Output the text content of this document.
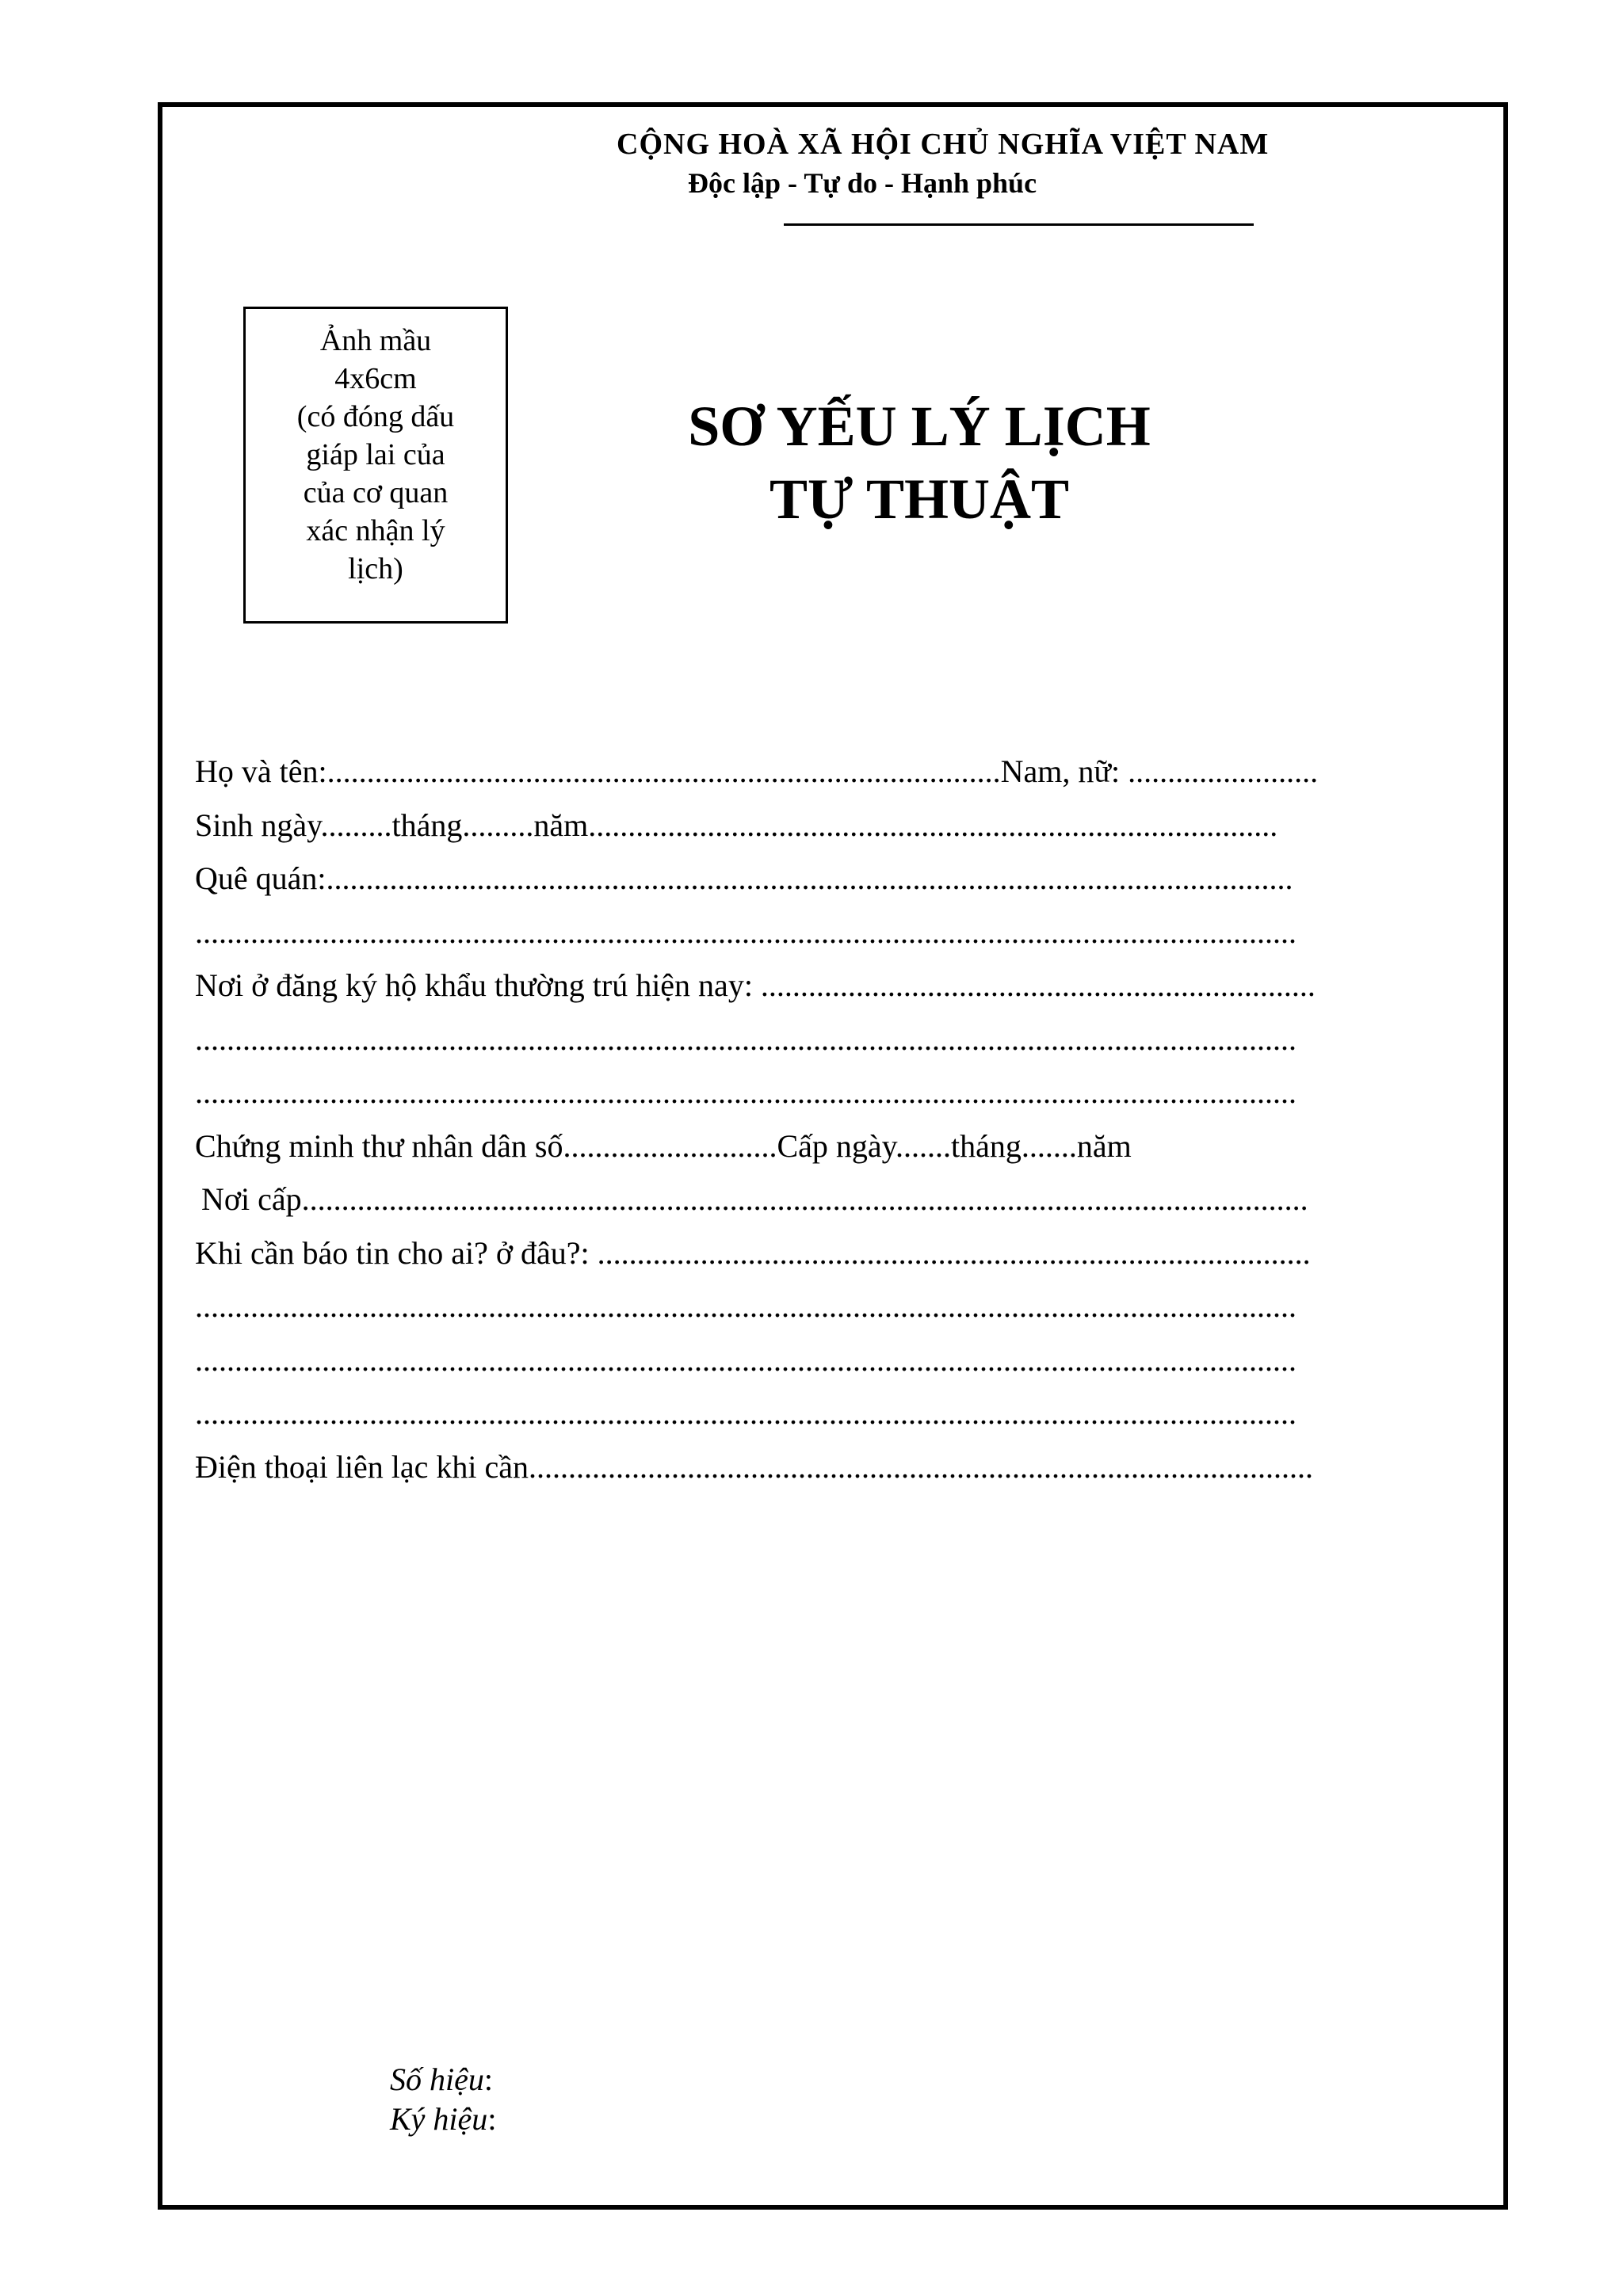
CỘNG HOÀ XÃ HỘI CHỦ NGHĨA VIỆT NAM
Độc lập - Tự do - Hạnh phúc
Ảnh mầu
4x6cm
(có đóng dấu
giáp lai của
của cơ quan
xác nhận lý
lịch)
SƠ YẾU LÝ LỊCH
TỰ THUẬT
Họ và tên:.....................................................................................Nam, nữ: ........................
Sinh ngày.........tháng.........năm.......................................................................................
Quê quán:..........................................................................................................................
...........................................................................................................................................
Nơi ở đăng ký hộ khẩu thường trú hiện nay: ......................................................................
...........................................................................................................................................
...........................................................................................................................................
Chứng minh thư nhân dân số...........................Cấp ngày.......tháng.......năm
Nơi cấp...............................................................................................................................
Khi cần báo tin cho ai? ở đâu?: ..........................................................................................
...........................................................................................................................................
...........................................................................................................................................
...........................................................................................................................................
Điện thoại liên lạc khi cần...................................................................................................
Số hiệu:
Ký hiệu:
